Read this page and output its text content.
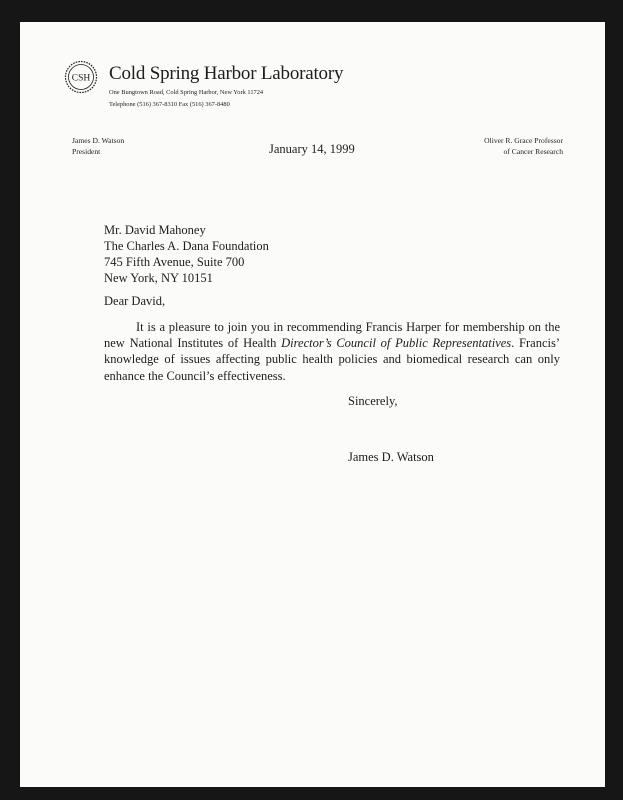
CSH Cold Spring Harbor Laboratory
One Bungtown Road, Cold Spring Harbor, New York 11724
Telephone (516) 367-8310 Fax (516) 367-8480
James D. Watson
President	January 14, 1999
Oliver R. Grace Professor
of Cancer Research
Mr. David Mahoney
The Charles A. Dana Foundation
745 Fifth Avenue, Suite 700
New York, NY 10151
Dear David,

It is a pleasure to join you in recommending Francis Harper for membership on the new National Institutes of Health Director’s Council of Public Representatives. Francis’ knowledge of issues affecting public health policies and biomedical research can only enhance the Council’s effectiveness.

Sincerely,
James D. Watson
